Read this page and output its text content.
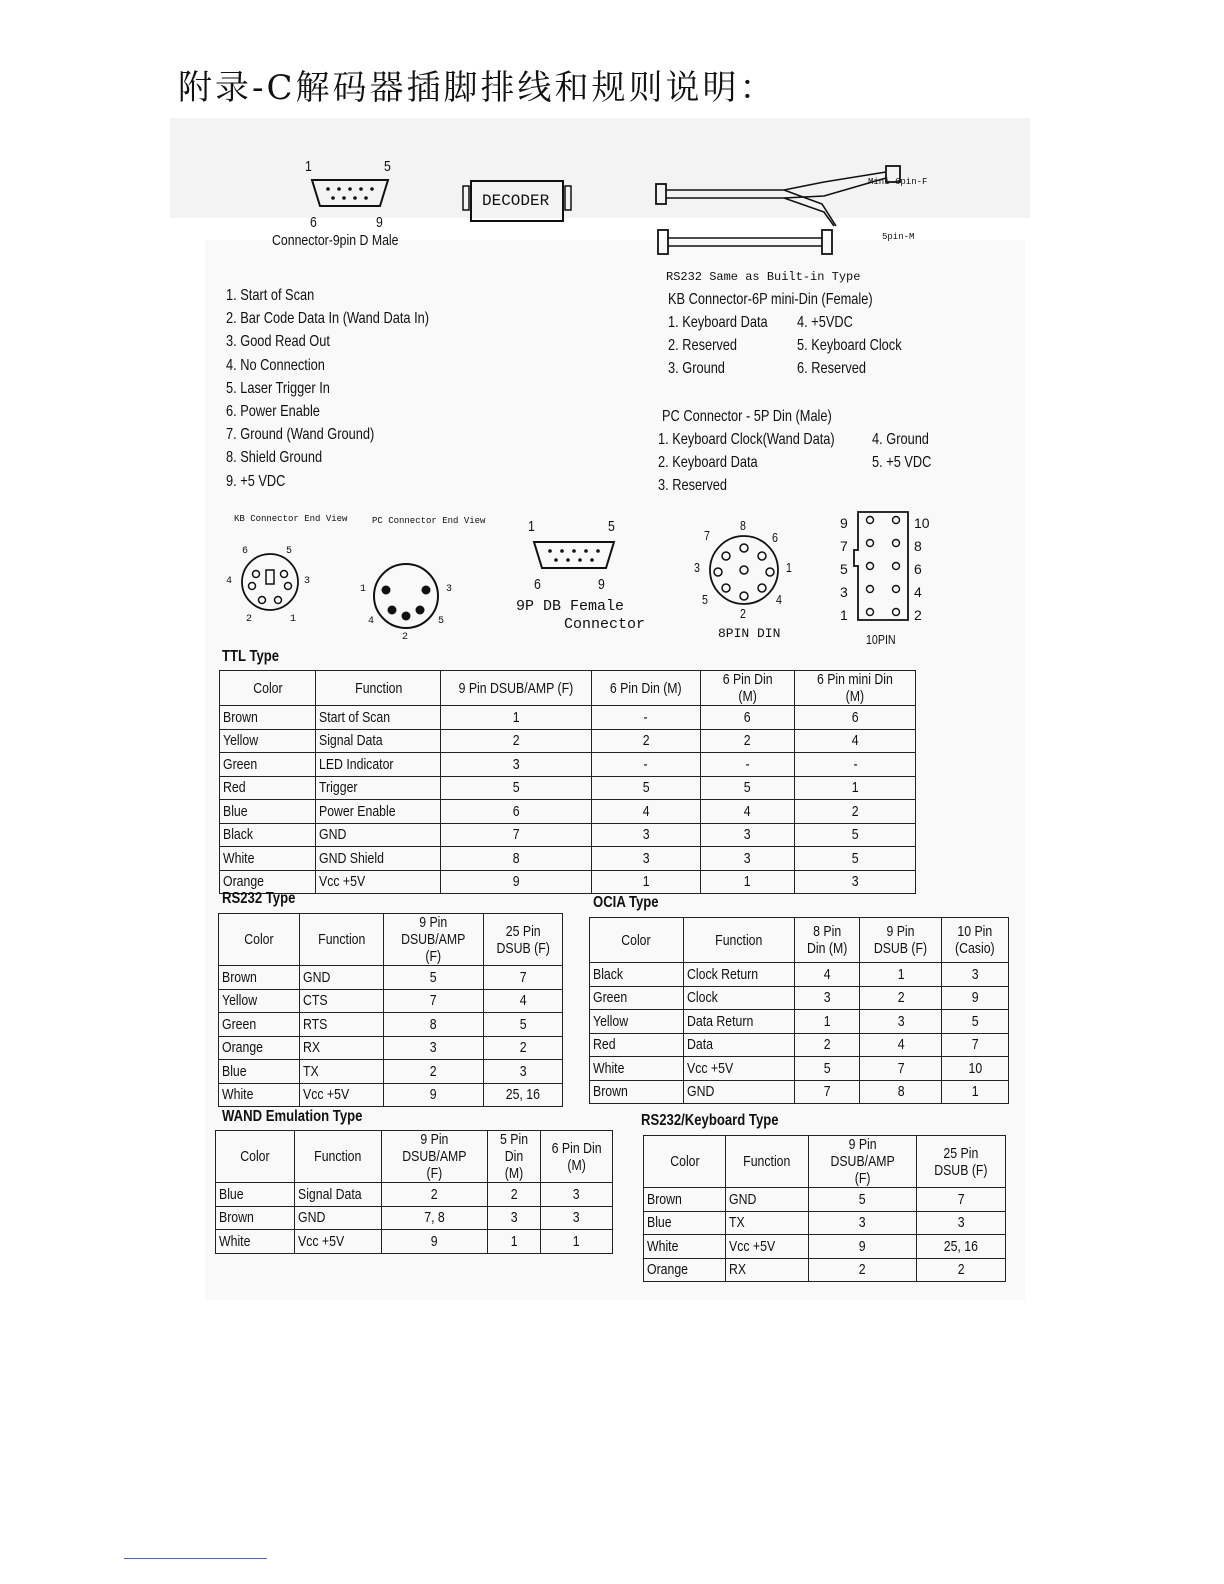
附录-C解码器插脚排线和规则说明：
1	5
6	9
Connector-9pin D Male
DECODER
Mini 6pin-F
5pin-M
RS232 Same as Built-in Type
1. Start of Scan
2. Bar Code Data In (Wand Data In)
3. Good Read Out
4. No Connection
5. Laser Trigger In
6. Power Enable
7. Ground (Wand Ground)
8. Shield Ground
9. +5 VDC
KB Connector-6P mini-Din (Female)
1. Keyboard Data
2. Reserved
3. Ground
4. +5VDC
5. Keyboard Clock
6. Reserved
PC Connector - 5P Din (Male)
1. Keyboard Clock(Wand Data)
2. Keyboard Data
3. Reserved
4. Ground
5. +5 VDC
KB Connector End View
6	5
4	3
2	1
PC Connector End View
1	3
4	5
2
1	5
6	9
9P DB Female
Connector
7
8
6
3	1
5	4
2
8PIN DIN
9
7
5
3
1
10
8
6
4
2
10PIN
TTL Type
Color	Function	9 Pin DSUB/AMP (F)	6 Pin Din (M)	6 Pin Din (M)	6 Pin mini Din (M)
Brown	Start of Scan	1	-	6	6
Yellow	Signal Data	2	2	2	4
Green	LED Indicator	3	-	-	-
Red	Trigger	5	5	5	1
Blue	Power Enable	6	4	4	2
Black	GND	7	3	3	5
White	GND Shield	8	3	3	5
Orange	Vcc +5V	9	1	1	3
RS232 Type
Color	Function	9 Pin DSUB/AMP (F)	25 Pin DSUB (F)
Brown	GND	5	7
Yellow	CTS	7	4
Green	RTS	8	5
Orange	RX	3	2
Blue	TX	2	3
White	Vcc +5V	9	25, 16
OCIA Type
Color	Function	8 Pin Din (M)	9 Pin DSUB (F)	10 Pin (Casio)
Black	Clock Return	4	1	3
Green	Clock	3	2	9
Yellow	Data Return	1	3	5
Red	Data	2	4	7
White	Vcc +5V	5	7	10
Brown	GND	7	8	1
WAND Emulation Type
Color	Function	9 Pin DSUB/AMP (F)	5 Pin Din (M)	6 Pin Din (M)
Blue	Signal Data	2	2	3
Brown	GND	7, 8	3	3
White	Vcc +5V	9	1	1
RS232/Keyboard Type
Color	Function	9 Pin DSUB/AMP (F)	25 Pin DSUB (F)
Brown	GND	5	7
Blue	TX	3	3
White	Vcc +5V	9	25, 16
Orange	RX	2	2
